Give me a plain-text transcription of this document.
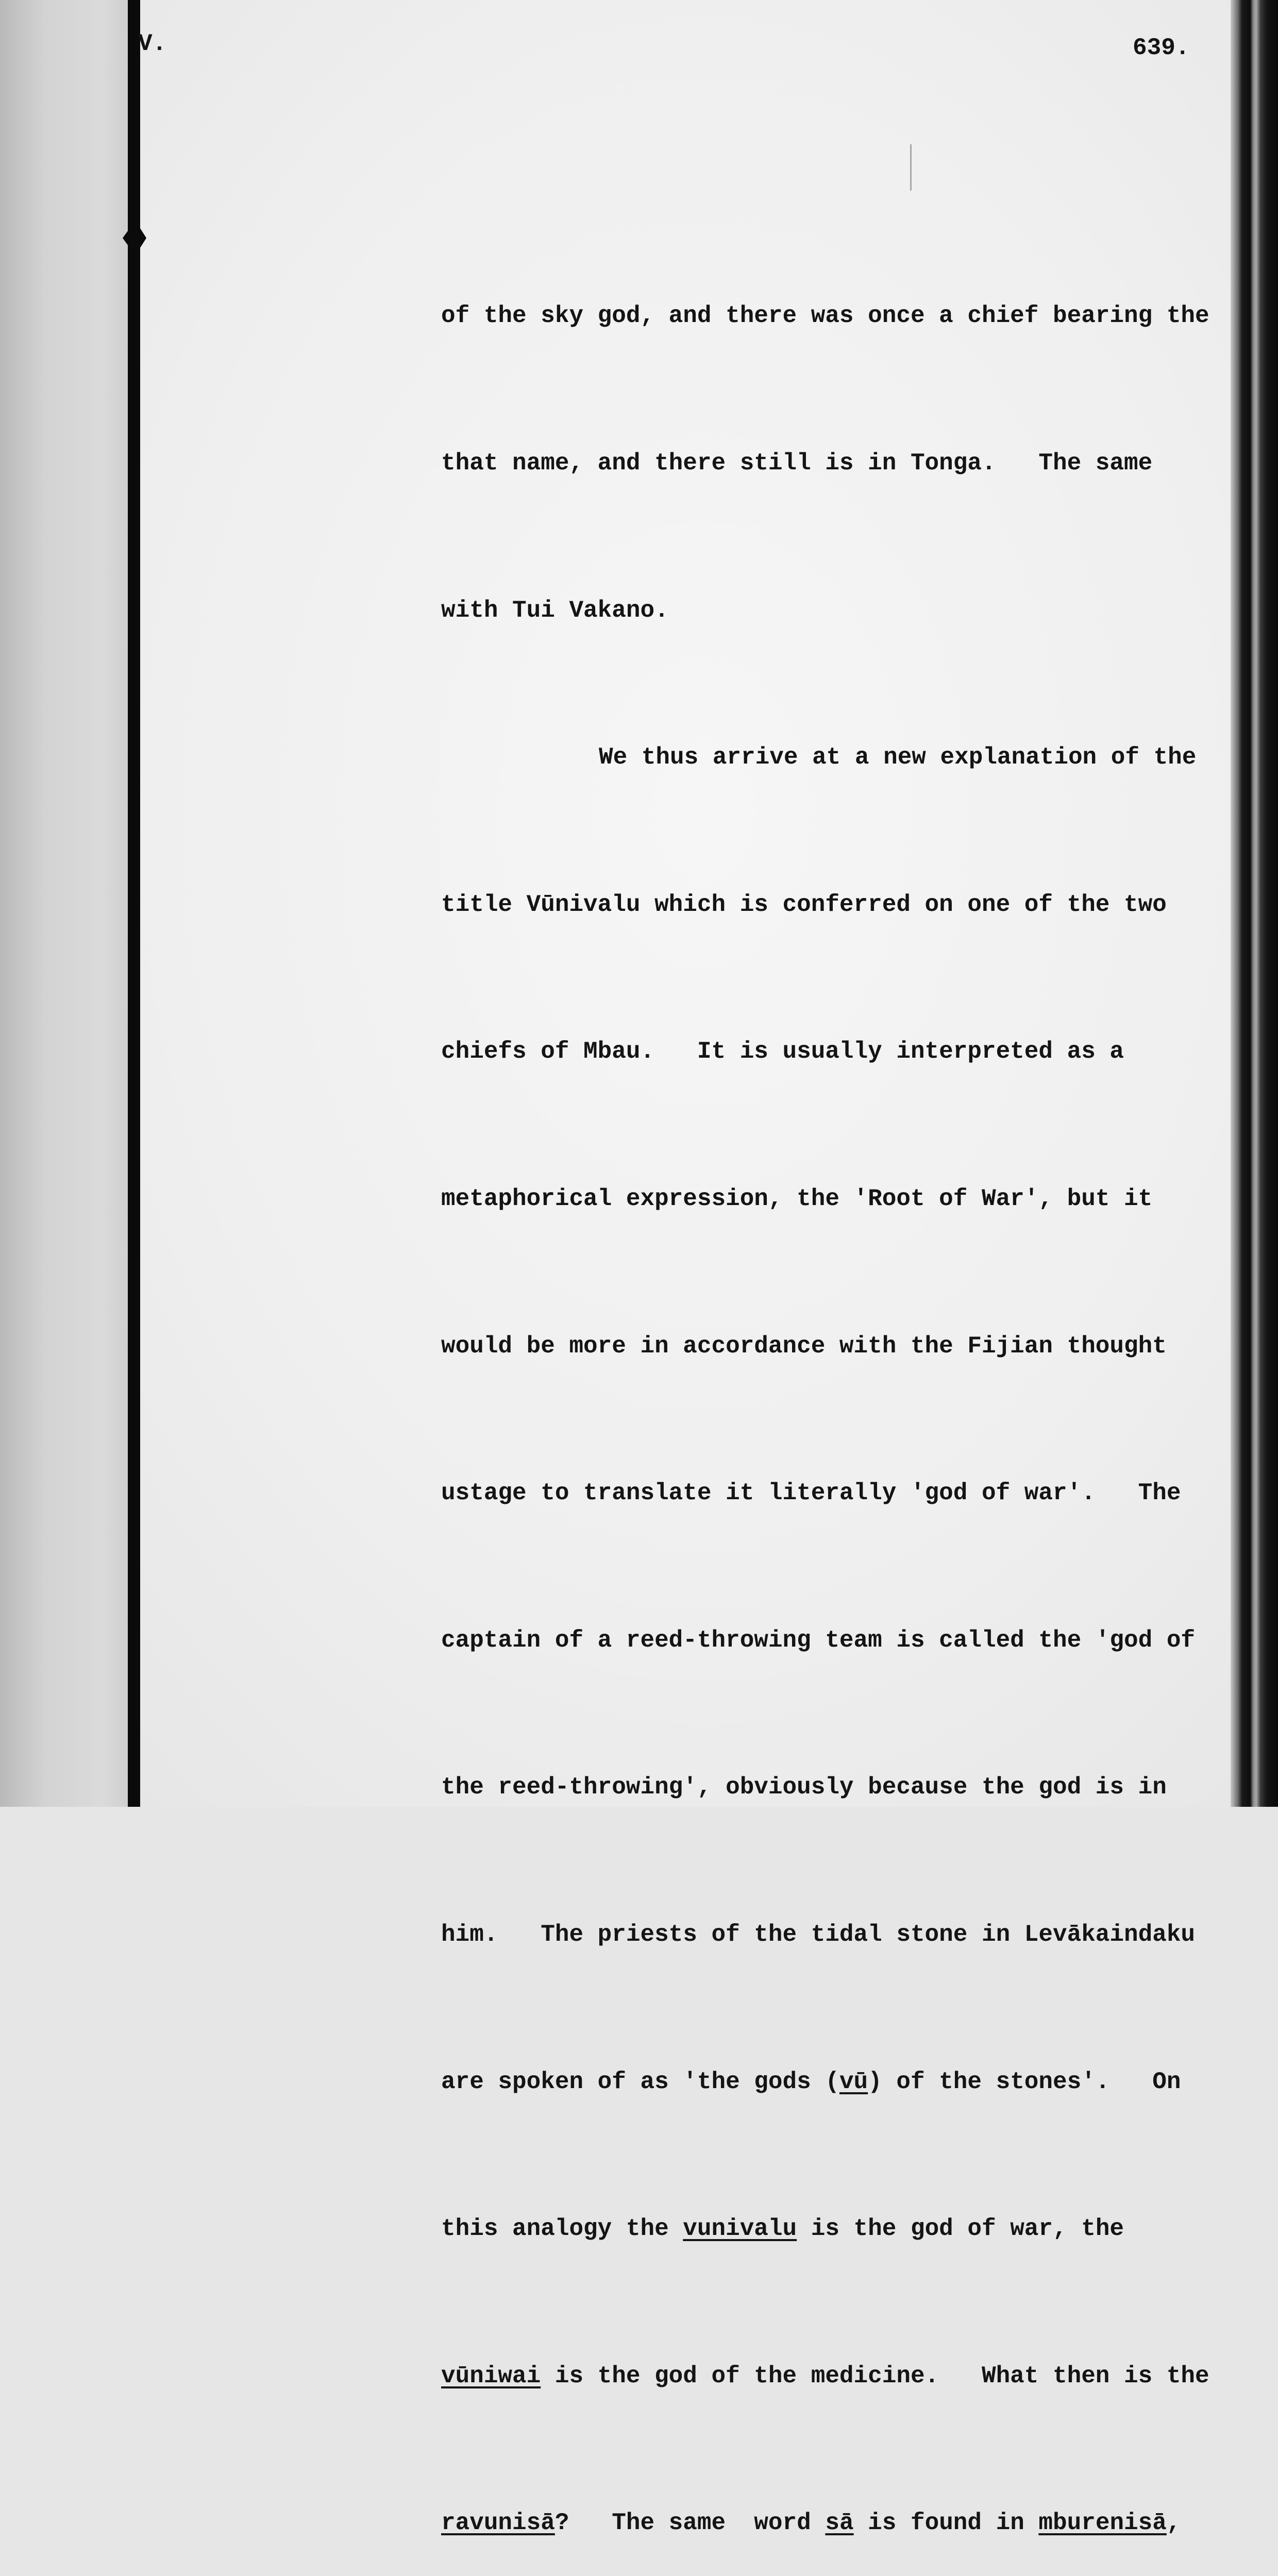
V.	639.

of the sky god, and there was once a chief bearing the

that name, and there still is in Tonga.   The same

with Tui Vakano.

We thus arrive at a new explanation of the

title Vūnivalu which is conferred on one of the two

chiefs of Mbau.   It is usually interpreted as a

metaphorical expression, the 'Root of War', but it

would be more in accordance with the Fijian thought

ustage to translate it literally 'god of war'.   The

captain of a reed-throwing team is called the 'god of

the reed-throwing', obviously because the god is in

him.   The priests of the tidal stone in Levākaindaku

are spoken of as 'the gods (vū) of the stones'.   On

this analogy the vunivalu is the god of war, the

vūniwai is the god of the medicine.   What then is the

ravunisā?   The same  word sā is found in mburenisā,
